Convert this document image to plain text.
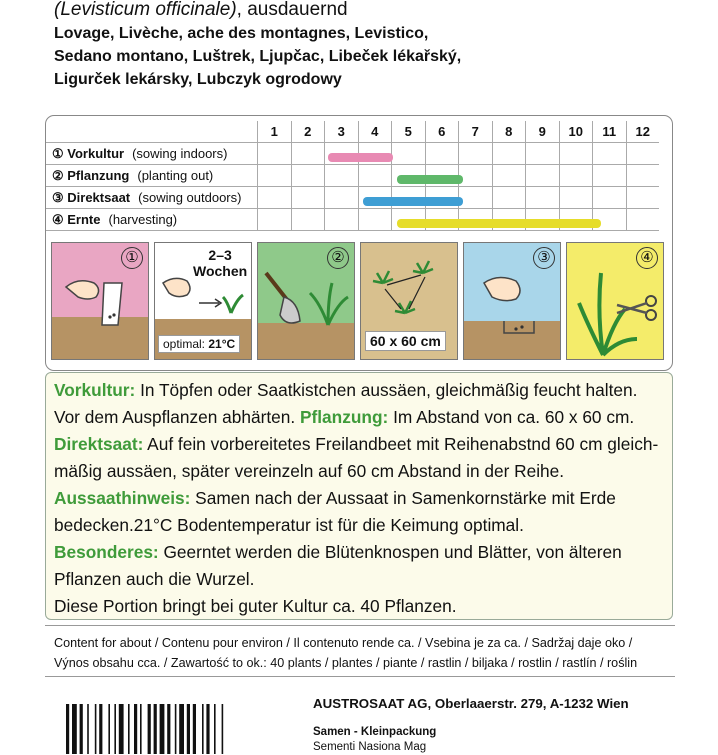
(Levisticum officinale), ausdauernd
Lovage, Livèche, ache des montagnes, Levistico,
Sedano montano, Luštrek, Ljupčac, Libeček lékařský,
Ligurček lekársky, Lubczyk ogrodowy
	1	2	3	4	5	6	7	8	9	10	11	12
① Vorkultur (sowing indoors)												
② Pflanzung (planting out)												
③ Direktsaat (sowing outdoors)												
④ Ernte (harvesting)												
①	2–3
Wochen
optimal: 21°C
②
60 x 60 cm
③	④
Vorkultur: In Töpfen oder Saatkistchen aussäen, gleichmäßig feucht halten.
Vor dem Auspflanzen abhärten. Pflanzung: Im Abstand von ca. 60 x 60 cm.
Direktsaat: Auf fein vorbereitetes Freilandbeet mit Reihenabstnd 60 cm gleich-
mäßig aussäen, später vereinzeln auf 60 cm Abstand in der Reihe.
Aussaathinweis: Samen nach der Aussaat in Samenkornstärke mit Erde
bedecken.21°C Bodentemperatur ist für die Keimung optimal.
Besonderes: Geerntet werden die Blütenknospen und Blätter, von älteren
Pflanzen auch die Wurzel.
Diese Portion bringt bei guter Kultur ca. 40 Pflanzen.
Content for about / Contenu pour environ / Il contenuto rende ca. / Vsebina je za ca. / Sadržaj daje oko /
Výnos obsahu cca. / Zawartość to ok.: 40 plants / plantes / piante / rastlin / biljaka / rostlin / rastlín / roślin
AUSTROSAAT AG, Oberlaaerstr. 279, A-1232 Wien
Samen - Kleinpackung
Sementi Nasiona Mag
